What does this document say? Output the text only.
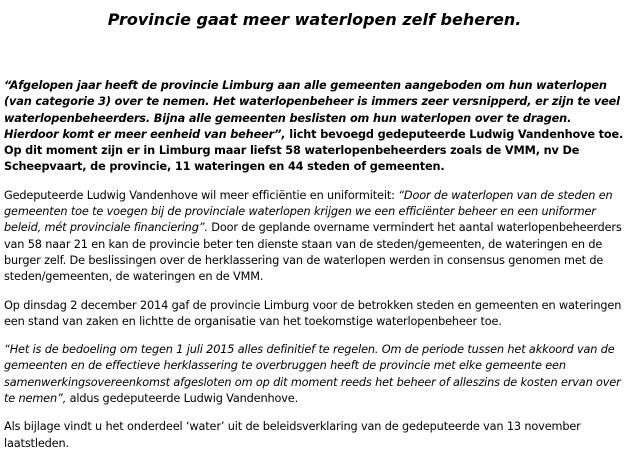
Provincie gaat meer waterlopen zelf beheren.

“Afgelopen jaar heeft de provincie Limburg aan alle gemeenten aangeboden om hun waterlopen (van categorie 3) over te nemen. Het waterlopenbeheer is immers zeer versnipperd, er zijn te veel waterlopenbeheerders. Bijna alle gemeenten beslisten om hun waterlopen over te dragen. Hierdoor komt er meer eenheid van beheer”, licht bevoegd gedeputeerde Ludwig Vandenhove toe. Op dit moment zijn er in Limburg maar liefst 58 waterlopenbeheerders zoals de VMM, nv De Scheepvaart, de provincie, 11 wateringen en 44 steden of gemeenten.

Gedeputeerde Ludwig Vandenhove wil meer efficiëntie en uniformiteit: “Door de waterlopen van de steden en gemeenten toe te voegen bij de provinciale waterlopen krijgen we een efficiënter beheer en een uniformer beleid, mét provinciale financiering”. Door de geplande overname vermindert het aantal waterlopenbeheerders van 58 naar 21 en kan de provincie beter ten dienste staan van de steden/gemeenten, de wateringen en de burger zelf. De beslissingen over de herklassering van de waterlopen werden in consensus genomen met de steden/gemeenten, de wateringen en de VMM.

Op dinsdag 2 december 2014 gaf de provincie Limburg voor de betrokken steden en gemeenten en wateringen een stand van zaken en lichtte de organisatie van het toekomstige waterlopenbeheer toe.

“Het is de bedoeling om tegen 1 juli 2015 alles definitief te regelen. Om de periode tussen het akkoord van de gemeenten en de effectieve herklassering te overbruggen heeft de provincie met elke gemeente een samenwerkingsovereenkomst afgesloten om op dit moment reeds het beheer of alleszins de kosten ervan over te nemen”, aldus gedeputeerde Ludwig Vandenhove.

Als bijlage vindt u het onderdeel ‘water’ uit de beleidsverklaring van de gedeputeerde van 13 november laatstleden.
